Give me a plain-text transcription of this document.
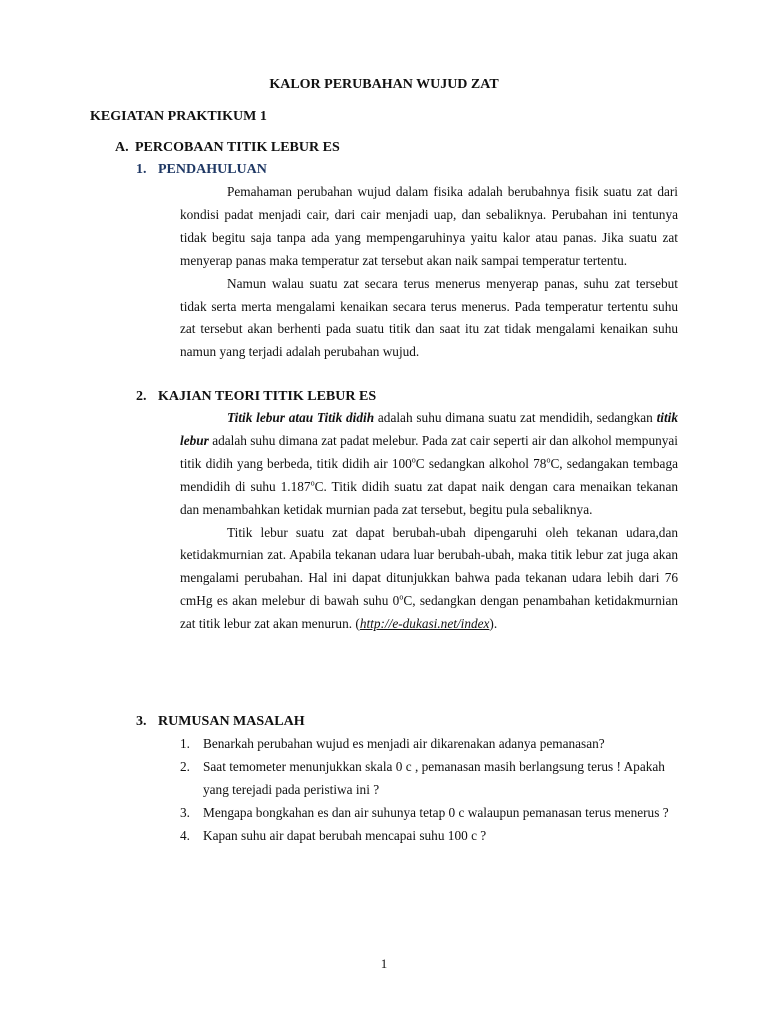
KALOR PERUBAHAN WUJUD ZAT
KEGIATAN PRAKTIKUM 1
A. PERCOBAAN TITIK LEBUR ES
1. PENDAHULUAN

Pemahaman perubahan wujud dalam fisika adalah berubahnya fisik suatu zat dari kondisi padat menjadi cair, dari cair menjadi uap, dan sebaliknya. Perubahan ini tentunya tidak begitu saja tanpa ada yang mempengaruhinya yaitu kalor atau panas. Jika suatu zat menyerap panas maka temperatur zat tersebut akan naik sampai temperatur tertentu.

Namun walau suatu zat secara terus menerus menyerap panas, suhu zat tersebut tidak serta merta mengalami kenaikan secara terus menerus. Pada temperatur tertentu suhu zat tersebut akan berhenti pada suatu titik dan saat itu zat tidak mengalami kenaikan suhu namun yang terjadi adalah perubahan wujud.

2. KAJIAN TEORI TITIK LEBUR ES

Titik lebur atau Titik didih adalah suhu dimana suatu zat mendidih, sedangkan titik lebur adalah suhu dimana zat padat melebur. Pada zat cair seperti air dan alkohol mempunyai titik didih yang berbeda, titik didih air 100$^o$C sedangkan alkohol 78$^o$C, sedangakan tembaga mendidih di suhu 1.187$^o$C. Titik didih suatu zat dapat naik dengan cara menaikan tekanan dan menambahkan ketidak murnian pada zat tersebut, begitu pula sebaliknya.

Titik lebur suatu zat dapat berubah-ubah dipengaruhi oleh tekanan udara,dan ketidakmurnian zat. Apabila tekanan udara luar berubah-ubah, maka titik lebur zat juga akan mengalami perubahan. Hal ini dapat ditunjukkan bahwa pada tekanan udara lebih dari 76 cmHg es akan melebur di bawah suhu 0$^o$C, sedangkan dengan penambahan ketidakmurnian zat titik lebur zat akan menurun. (http://e-dukasi.net/index).

3. RUMUSAN MASALAH
1. Benarkah perubahan wujud es menjadi air dikarenakan adanya pemanasan?
2. Saat temometer menunjukkan skala 0 c , pemanasan masih berlangsung terus ! Apakah yang terejadi pada peristiwa ini ?
3. Mengapa bongkahan es dan air suhunya tetap 0 c walaupun pemanasan terus menerus ?
4. Kapan suhu air dapat berubah mencapai suhu 100 c ?
1
